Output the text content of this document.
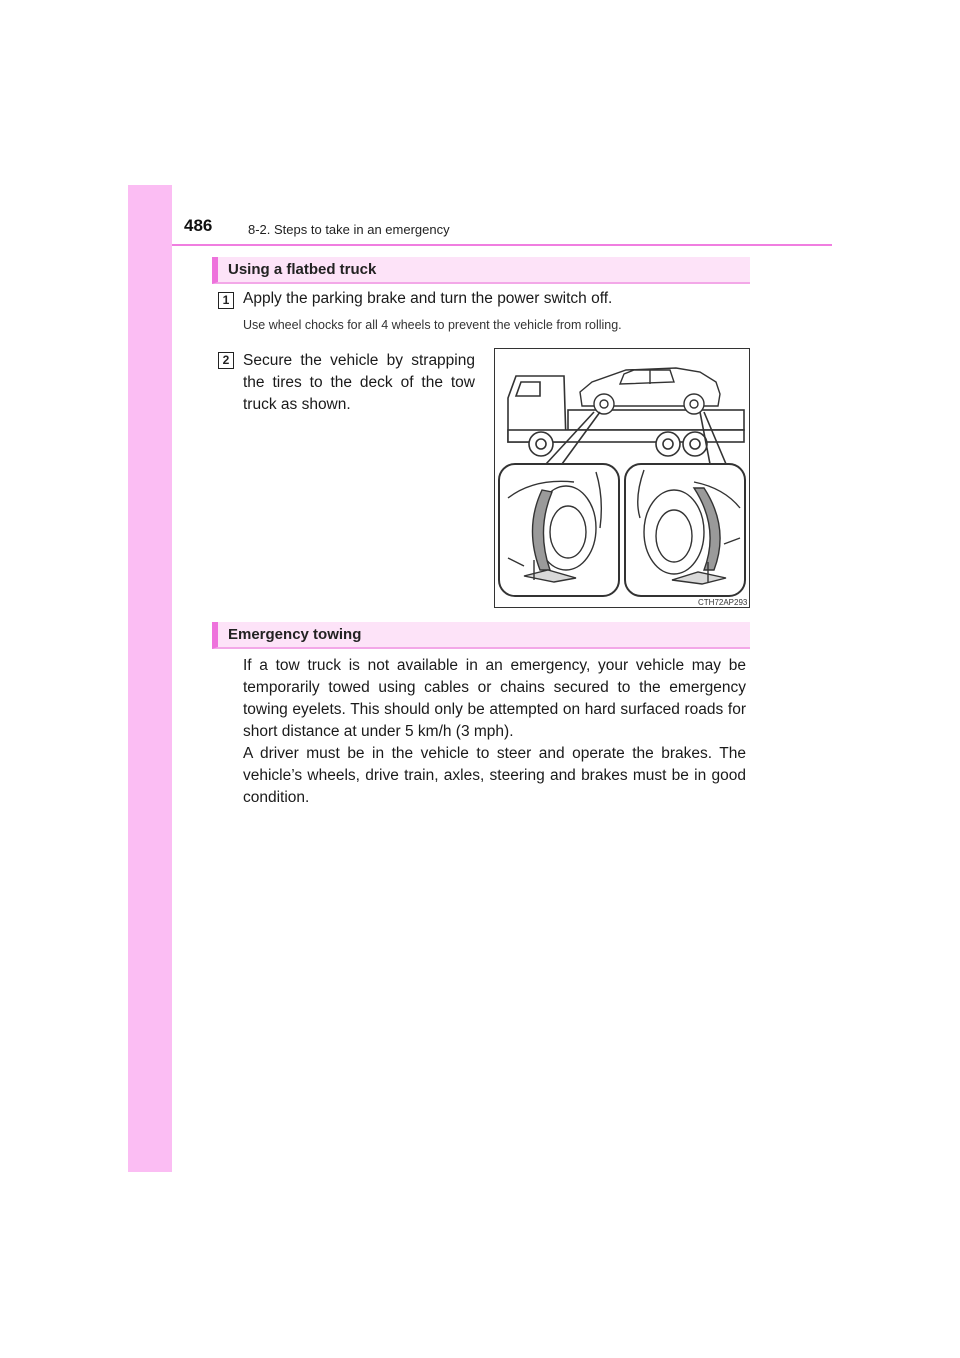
486	8-2. Steps to take in an emergency
Using a flatbed truck
1 Apply the parking brake and turn the power switch off.
Use wheel chocks for all 4 wheels to prevent the vehicle from rolling.
2 Secure the vehicle by strapping the tires to the deck of the tow truck as shown.
CTH72AP293
Emergency towing

If a tow truck is not available in an emergency, your vehicle may be temporarily towed using cables or chains secured to the emergency towing eyelets. This should only be attempted on hard surfaced roads for short distance at under 5 km/h (3 mph).

A driver must be in the vehicle to steer and operate the brakes. The vehicle’s wheels, drive train, axles, steering and brakes must be in good condition.
